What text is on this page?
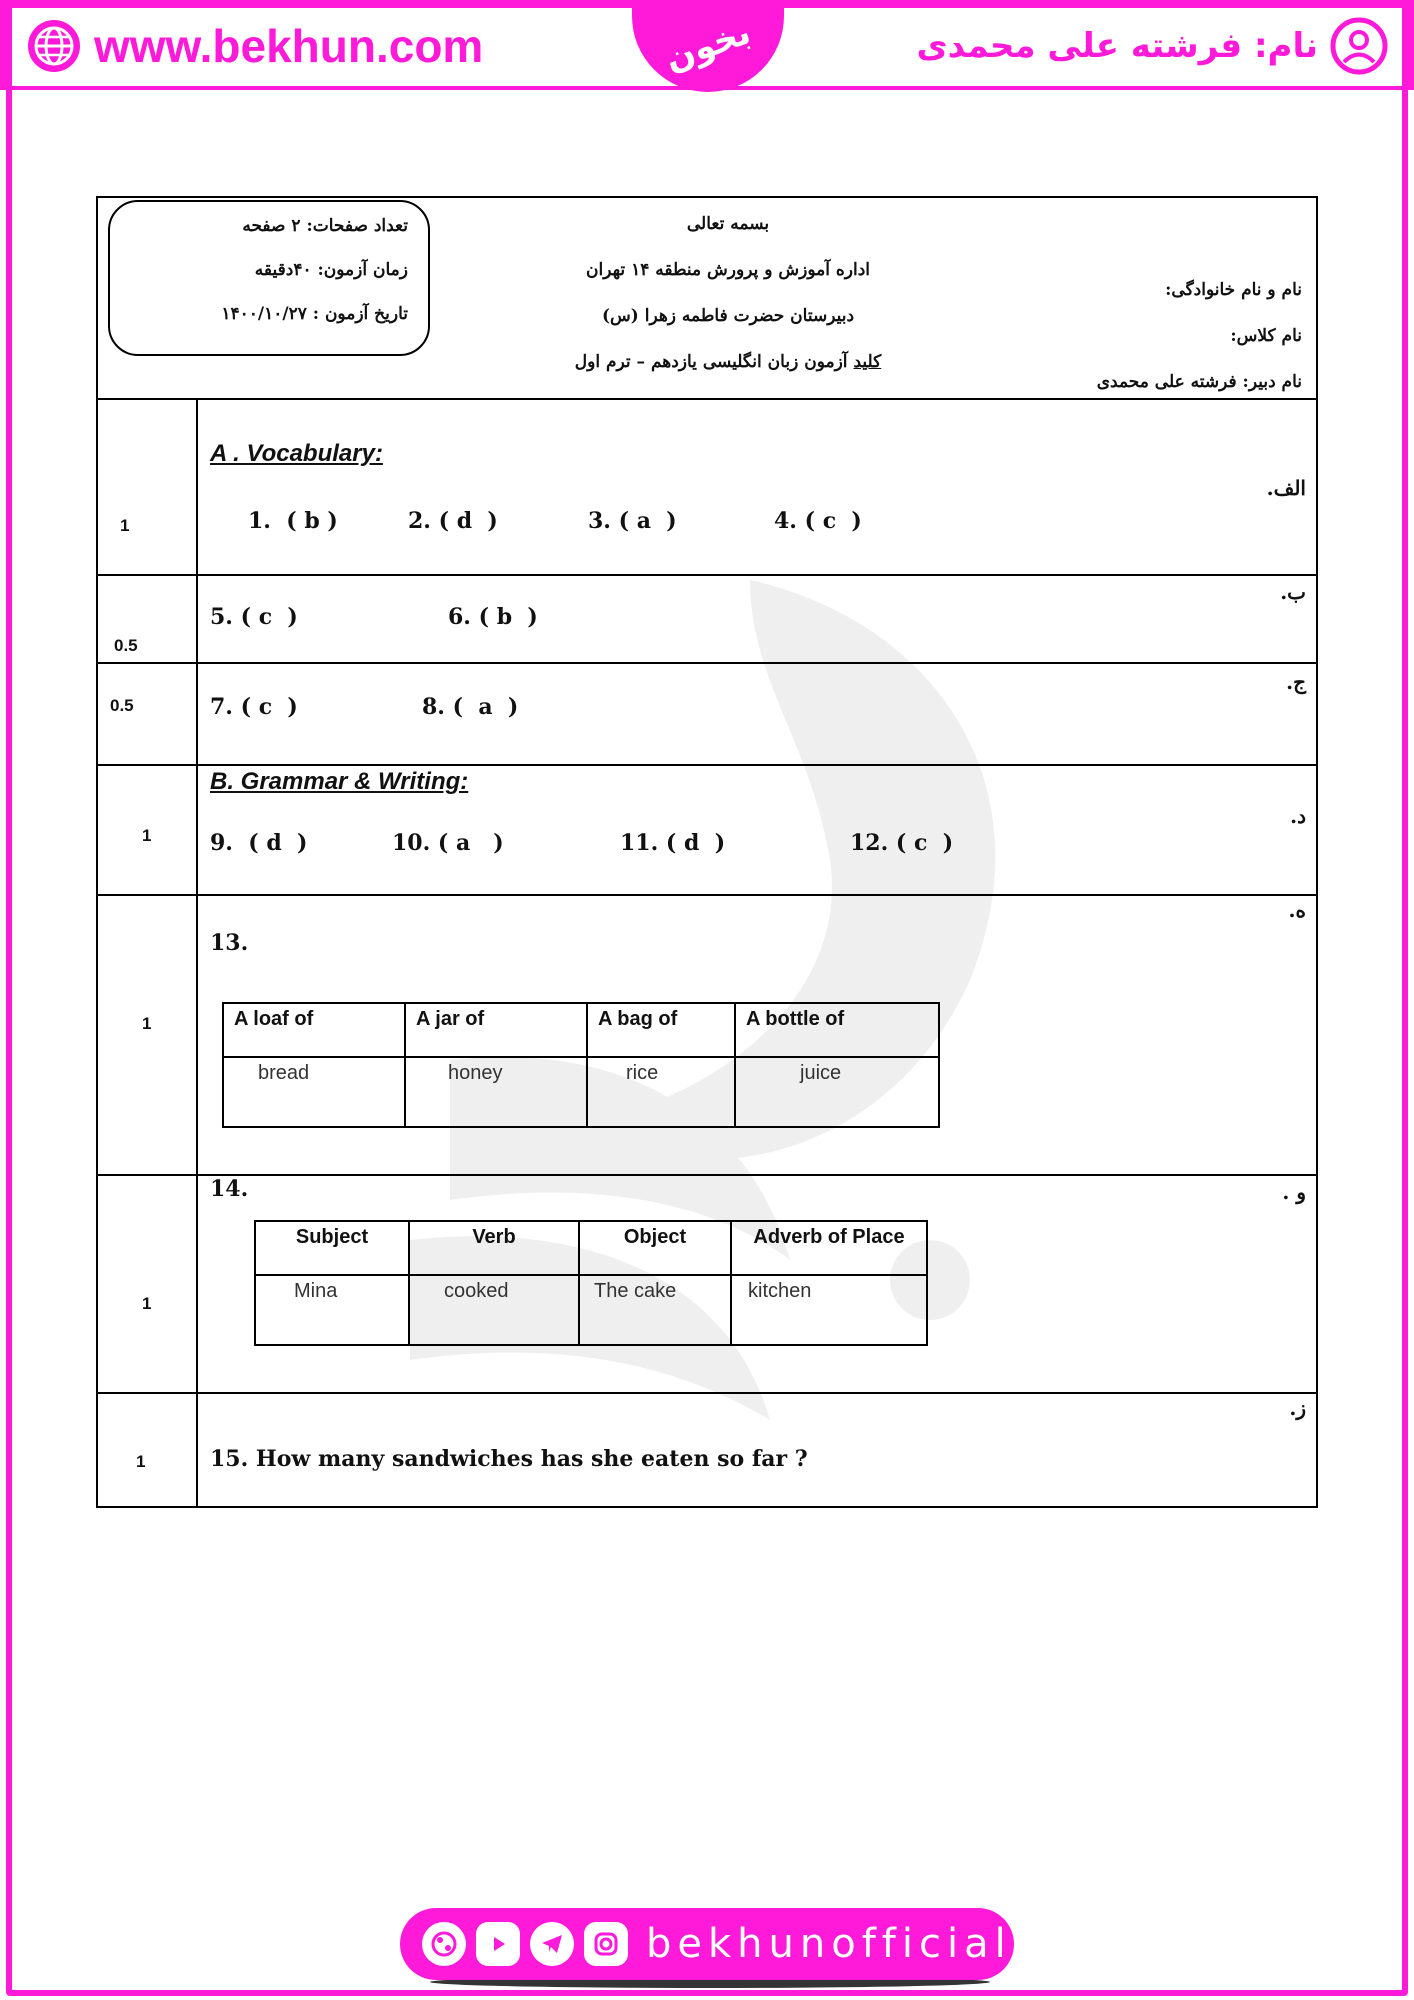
www.bekhun.com	بخون	نام: فرشته علی محمدی
تعداد صفحات: ۲ صفحه
زمان آزمون: ۴۰دقیقه
تاریخ آزمون : ۱۴۰۰/۱۰/۲۷
بسمه تعالی
اداره آموزش و پرورش منطقه ۱۴ تهران
دبیرستان حضرت فاطمه زهرا (س)
کلید آزمون زبان انگلیسی یازدهم – ترم اول
نام و نام خانوادگی:
نام کلاس:
نام دبیر: فرشته علی محمدی
1
الف.
A . Vocabulary:
1.  ( b )	2. ( d  )	3. ( a  )	4. ( c  )
0.5
ب.
5. ( c  )	6. ( b  )
0.5
ج.
7. ( c  )	8. (  a  )
1
د.
B. Grammar & Writing:
9.  ( d  )	10. ( a   )	11. ( d  )	12. ( c  )
1
ه.
13.
A loaf of	A jar of	A bag of	A bottle of
bread	honey	rice	juice
1
و .
14.
Subject	Verb	Object	Adverb of Place
Mina	cooked	The cake	kitchen
1
ز.
15. How many sandwiches has she eaten so far ?
bekhunofficial
